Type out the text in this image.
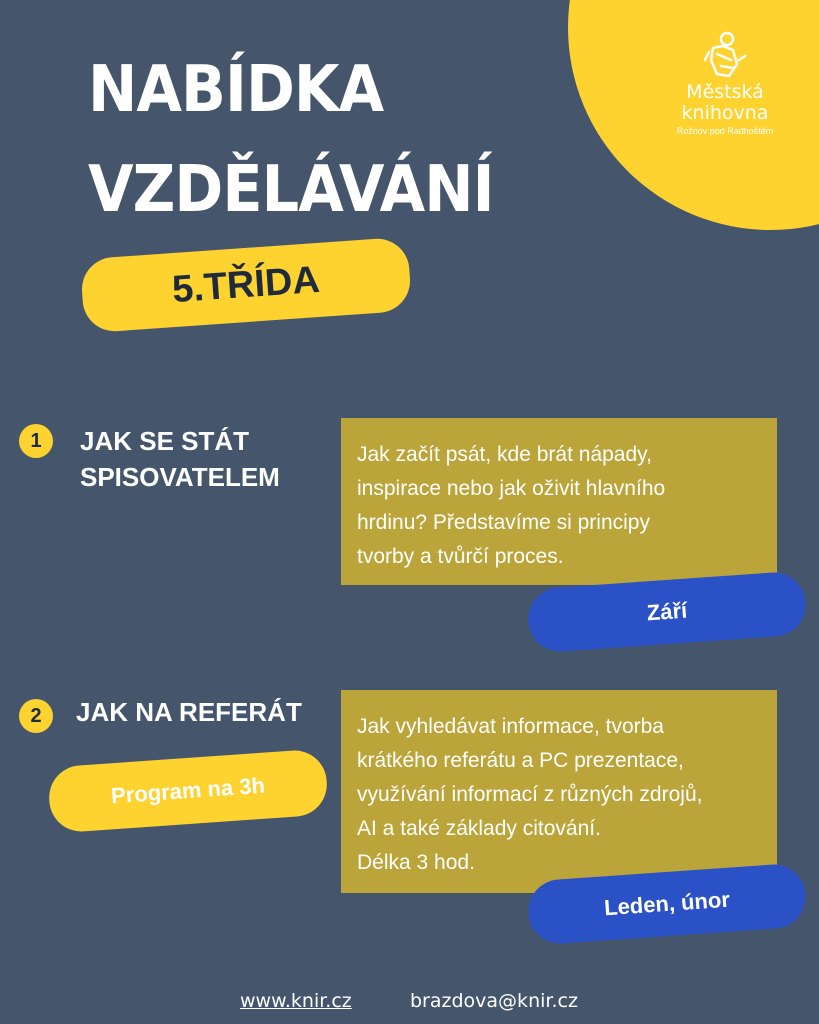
Městská
knihovna
Rožnov pod Radhoštěm
NABÍDKA
VZDĚLÁVÁNÍ
5.TŘÍDA
1	JAK SE STÁT
SPISOVATELEM
Jak začít psát, kde brát nápady,
inspirace nebo jak oživit hlavního
hrdinu? Představíme si principy
tvorby a tvůrčí proces.
Září
2	JAK NA REFERÁT
Program na 3h
Jak vyhledávat informace, tvorba
krátkého referátu a PC prezentace,
využívání informací z různých zdrojů,
AI a také základy citování.
Délka 3 hod.
Leden, únor
www.knir.cz	brazdova@knir.cz
